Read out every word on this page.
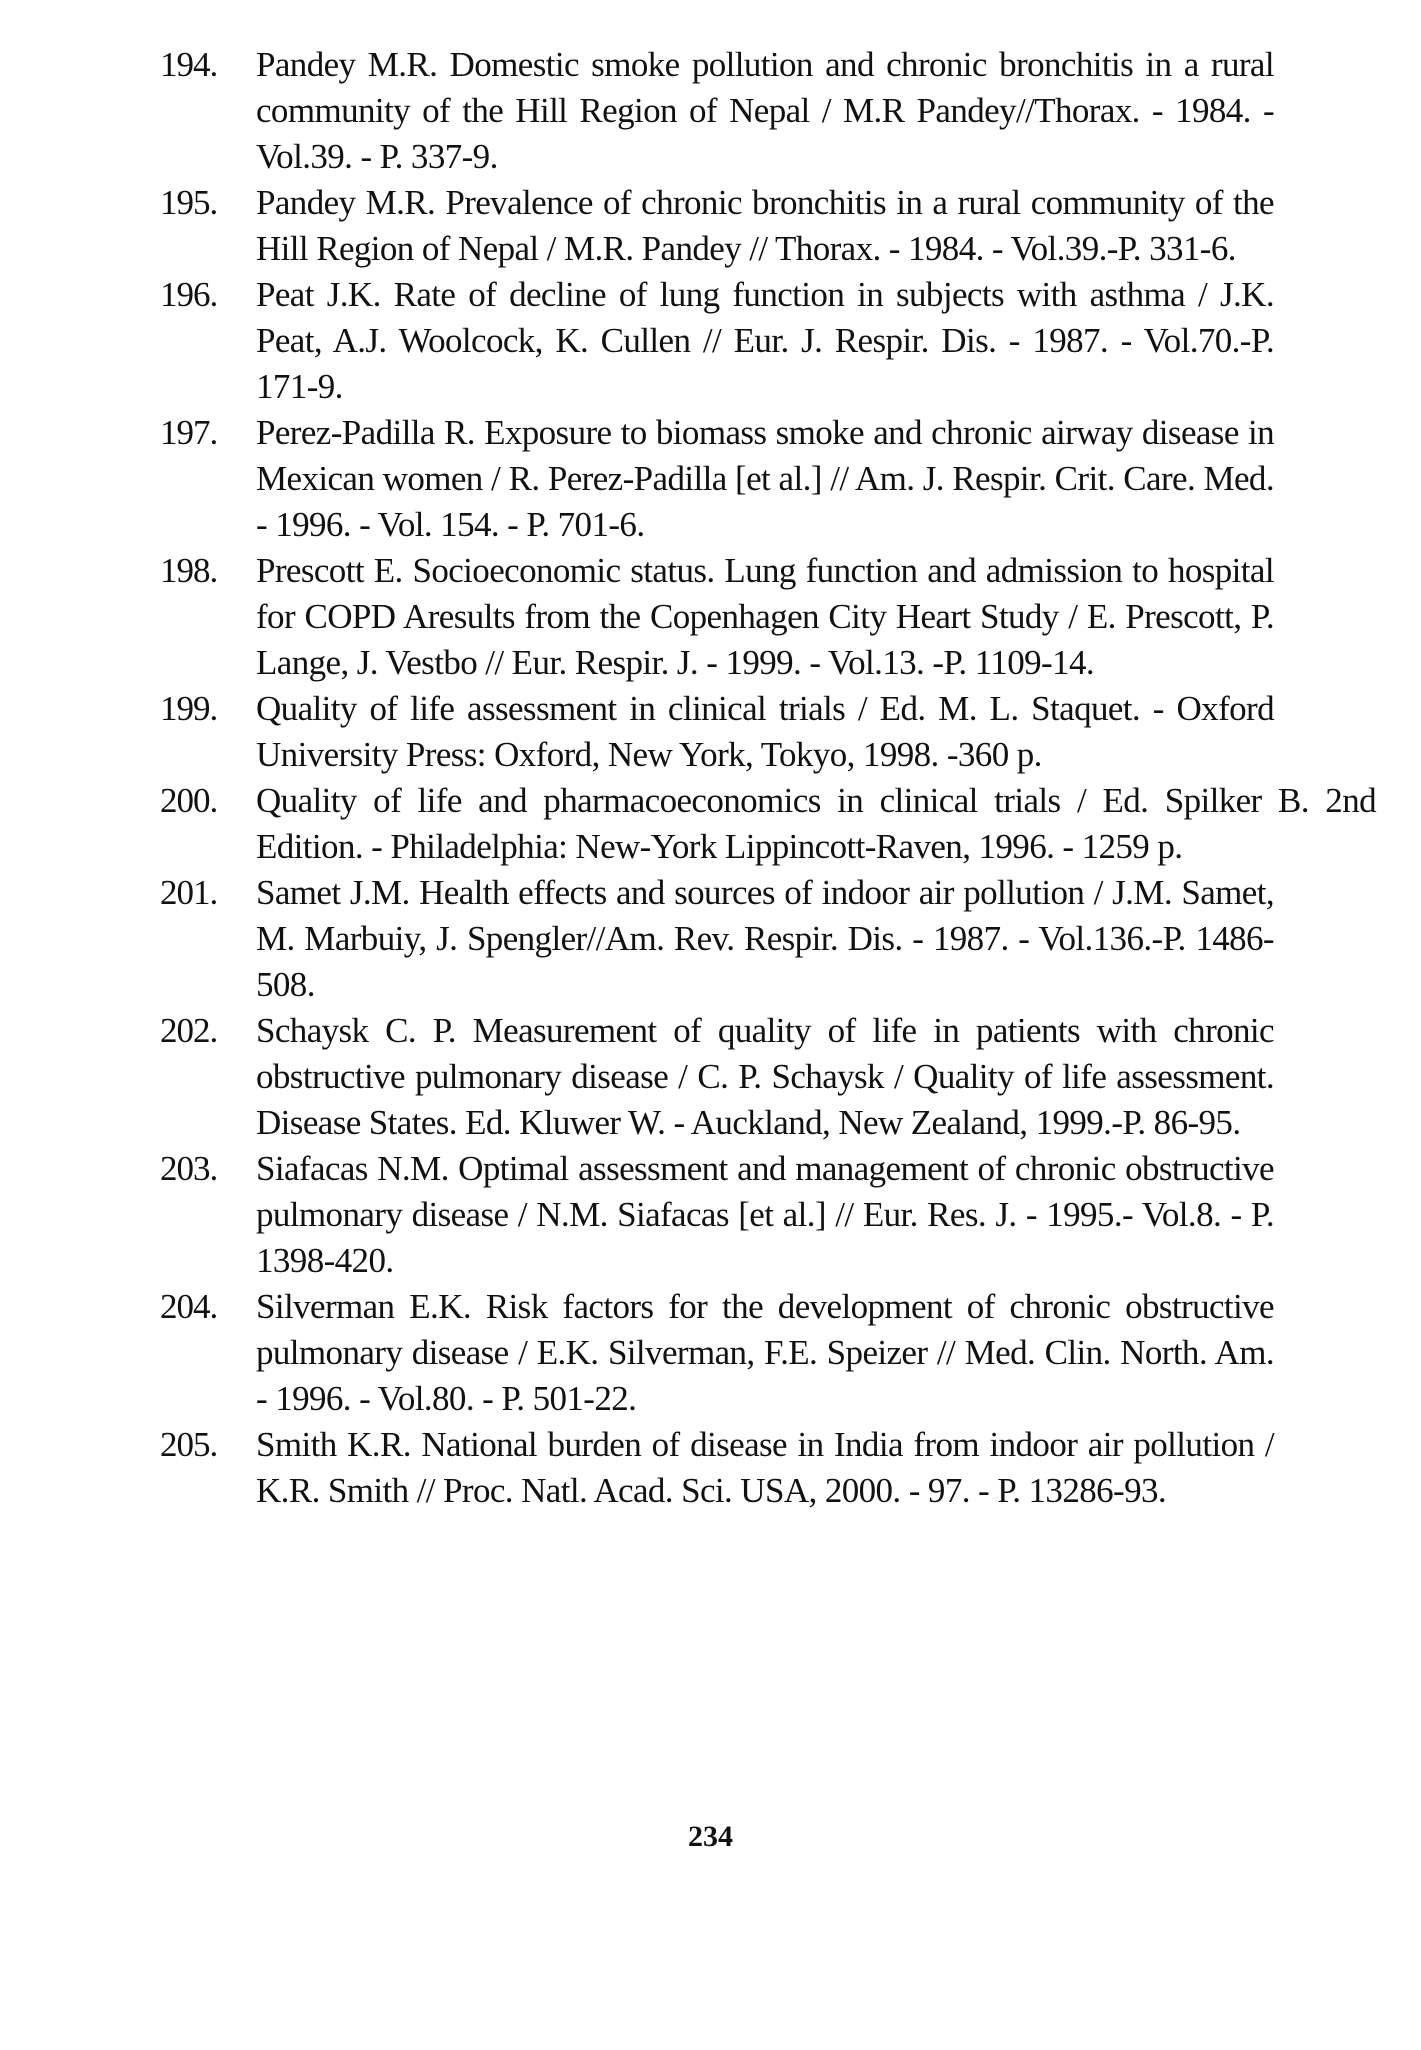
194.	Pandey M.R. Domestic smoke pollution and chronic bronchitis in a rural community of the Hill Region of Nepal / M.R Pandey//Thorax. - 1984. - Vol.39. - P. 337-9.
195.	Pandey M.R. Prevalence of chronic bronchitis in a rural community of the Hill Region of Nepal / M.R. Pandey // Thorax. - 1984. - Vol.39.-P. 331-6.
196.	Peat J.K. Rate of decline of lung function in subjects with asthma / J.K. Peat, A.J. Woolcock, K. Cullen // Eur. J. Respir. Dis. - 1987. - Vol.70.-P. 171-9.
197.	Perez-Padilla R. Exposure to biomass smoke and chronic airway disease in Mexican women / R. Perez-Padilla [et al.] // Am. J. Respir. Crit. Care. Med. - 1996. - Vol. 154. - P. 701-6.
198.	Prescott E. Socioeconomic status. Lung function and admission to hospital for COPD Aresults from the Copenhagen City Heart Study / E. Prescott, P. Lange, J. Vestbo // Eur. Respir. J. - 1999. - Vol.13. -P. 1109-14.
199.	Quality of life assessment in clinical trials / Ed. M. L. Staquet. - Oxford University Press: Oxford, New York, Tokyo, 1998. -360 p.
200.	Quality of life and pharmacoeconomics in clinical trials / Ed. Spilker B. 2nd Edition. - Philadelphia: New-York Lippincott-Raven, 1996. - 1259 p.
201.	Samet J.M. Health effects and sources of indoor air pollution / J.M. Samet, M. Marbuiy, J. Spengler//Am. Rev. Respir. Dis. - 1987. - Vol.136.-P. 1486-508.
202.	Schaysk C. P. Measurement of quality of life in patients with chronic obstructive pulmonary disease / C. P. Schaysk / Quality of life assessment. Disease States. Ed. Kluwer W. - Auckland, New Zealand, 1999.-P. 86-95.
203.	Siafacas N.M. Optimal assessment and management of chronic obstructive pulmonary disease / N.M. Siafacas [et al.] // Eur. Res. J. - 1995.- Vol.8. - P. 1398-420.
204.	Silverman E.K. Risk factors for the development of chronic obstructive pulmonary disease / E.K. Silverman, F.E. Speizer // Med. Clin. North. Am. - 1996. - Vol.80. - P. 501-22.
205.	Smith K.R. National burden of disease in India from indoor air pollution / K.R. Smith // Proc. Natl. Acad. Sci. USA, 2000. - 97. - P. 13286-93.
234
